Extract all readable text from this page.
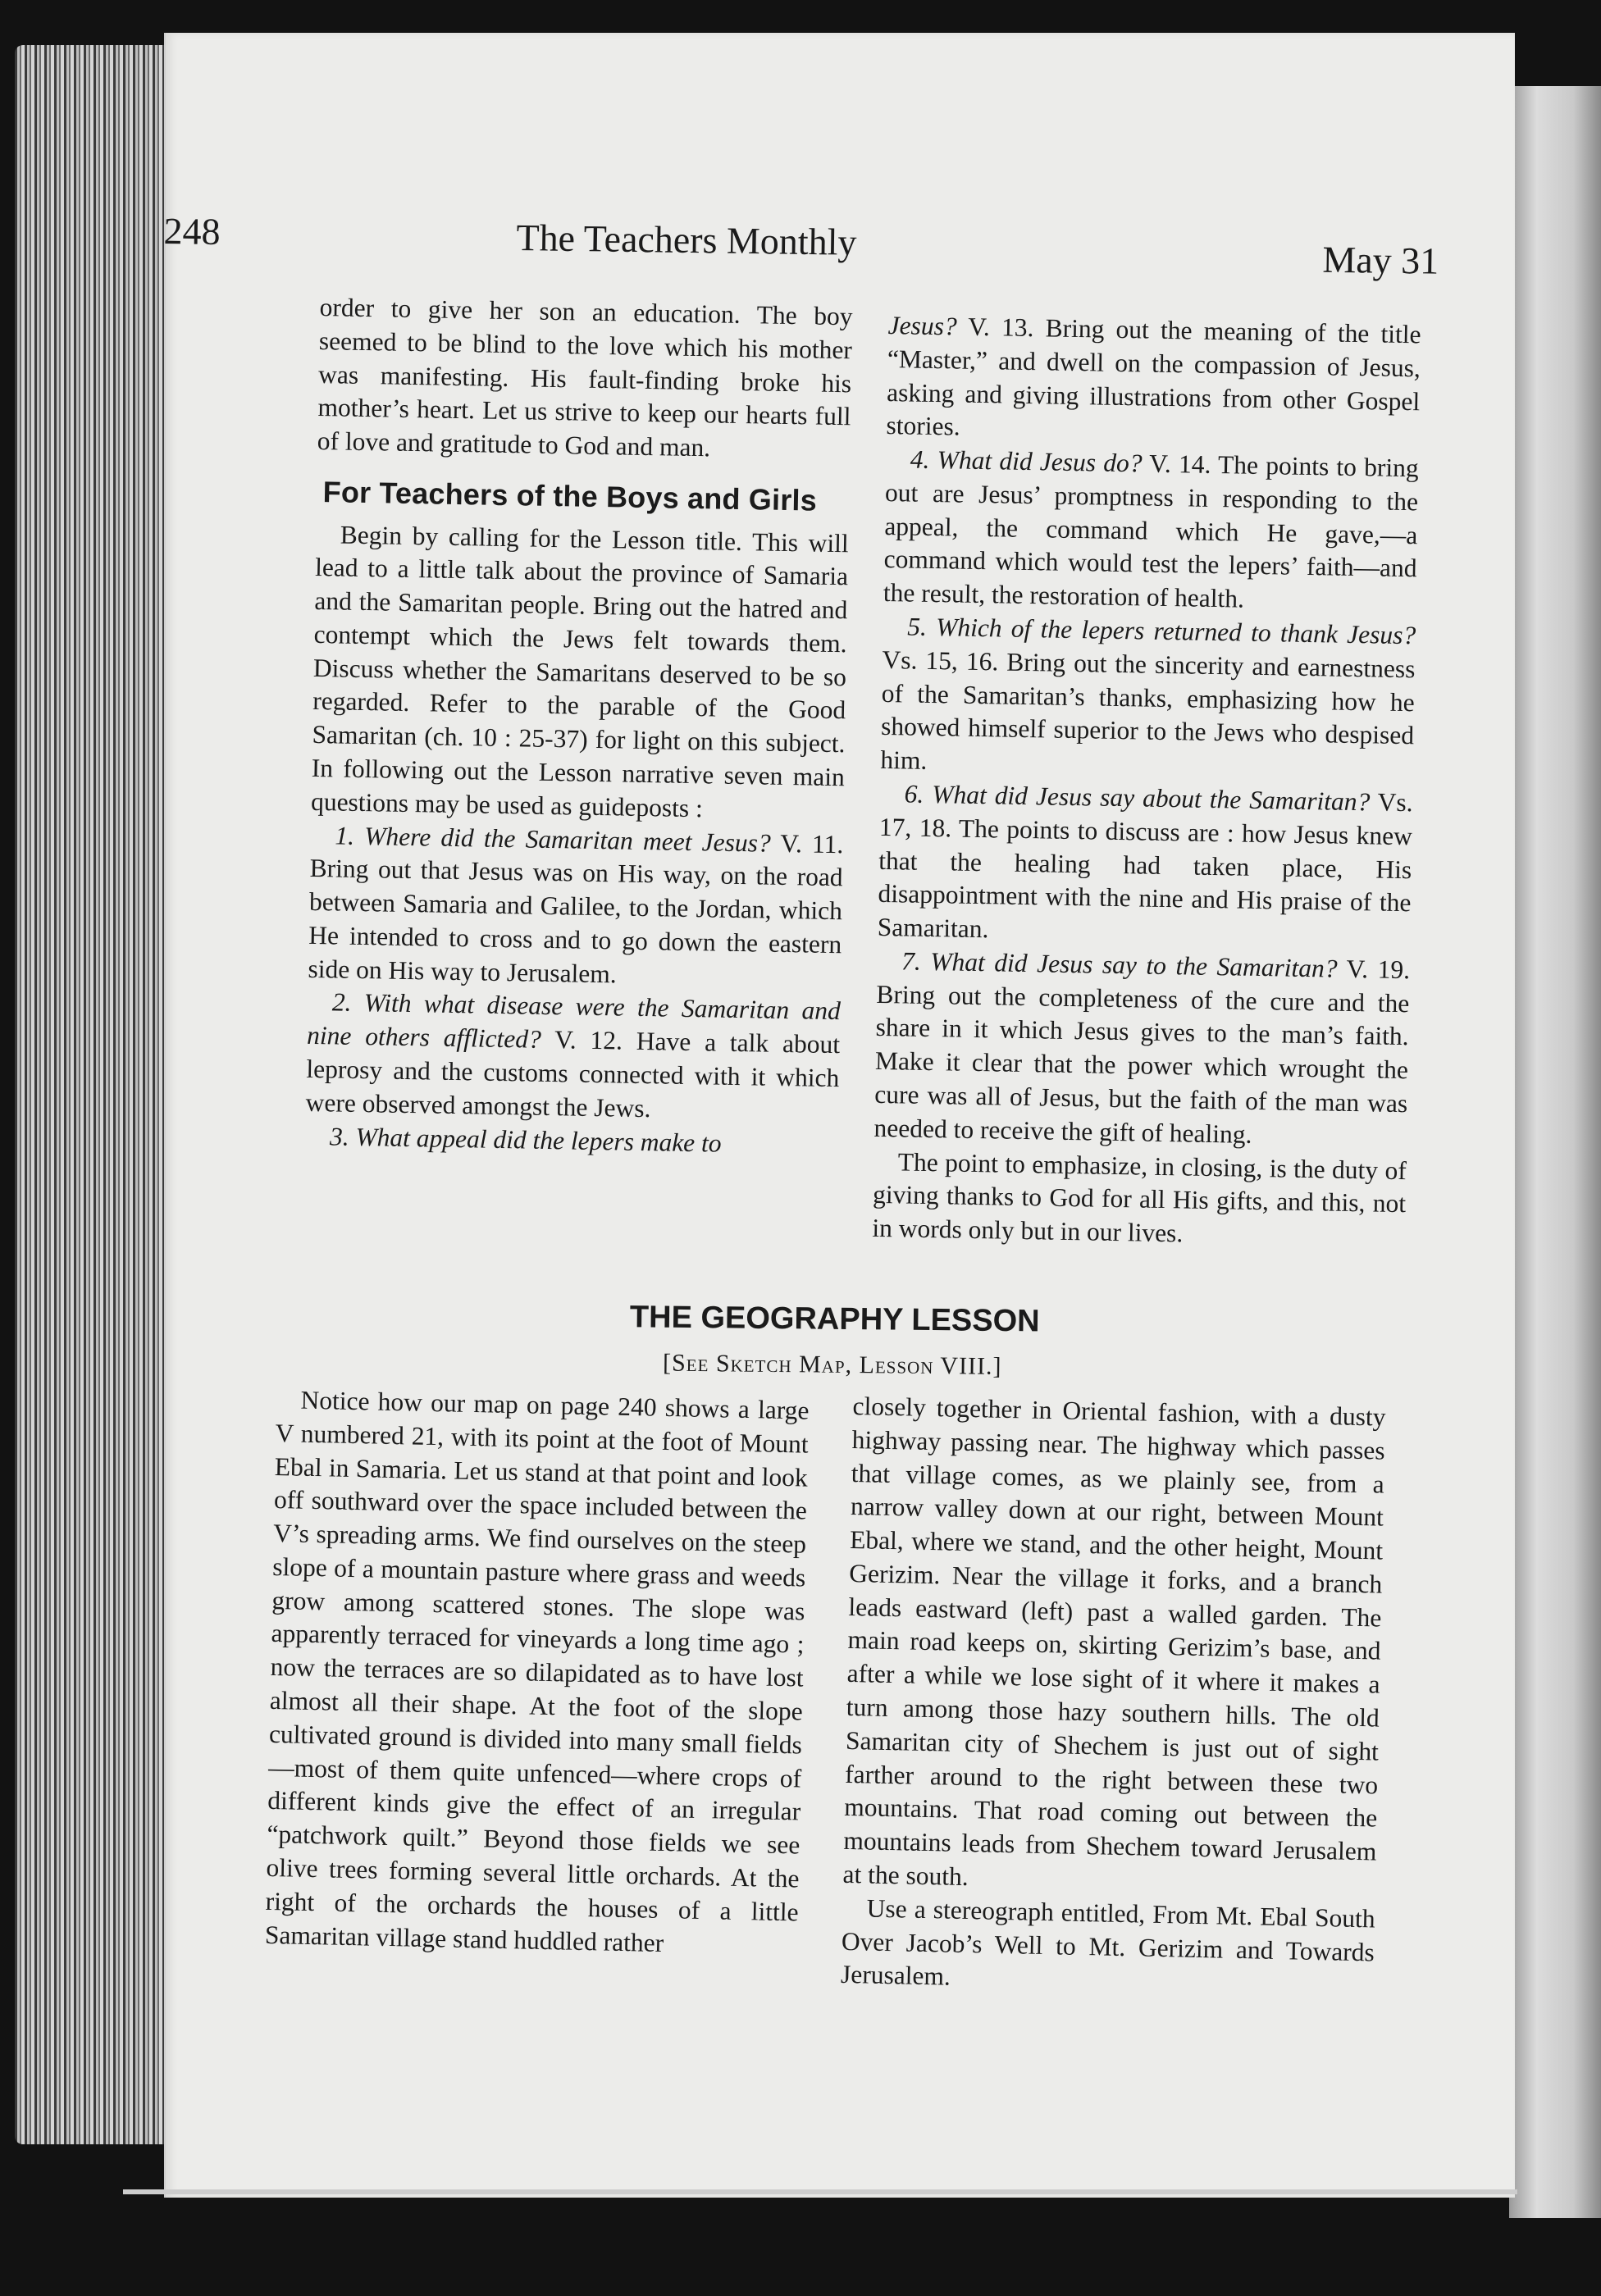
248	The Teachers Monthly	May 31

order to give her son an education. The boy seemed to be blind to the love which his mother was manifesting. His fault-finding broke his mother’s heart. Let us strive to keep our hearts full of love and gratitude to God and man.

For Teachers of the Boys and Girls

Begin by calling for the Lesson title. This will lead to a little talk about the province of Samaria and the Samaritan people. Bring out the hatred and contempt which the Jews felt towards them. Discuss whether the Samaritans deserved to be so regarded. Refer to the parable of the Good Samaritan (ch. 10 : 25-37) for light on this subject. In following out the Lesson narrative seven main questions may be used as guideposts :

1. Where did the Samaritan meet Jesus? V. 11. Bring out that Jesus was on His way, on the road between Samaria and Galilee, to the Jordan, which He intended to cross and to go down the eastern side on His way to Jerusalem.

2. With what disease were the Samaritan and nine others afflicted? V. 12. Have a talk about leprosy and the customs connected with it which were observed amongst the Jews.

3. What appeal did the lepers make to

Jesus? V. 13. Bring out the meaning of the title “Master,” and dwell on the compassion of Jesus, asking and giving illustrations from other Gospel stories.

4. What did Jesus do? V. 14. The points to bring out are Jesus’ promptness in responding to the appeal, the command which He gave,—a command which would test the lepers’ faith—and the result, the restoration of health.

5. Which of the lepers returned to thank Jesus? Vs. 15, 16. Bring out the sincerity and earnestness of the Samaritan’s thanks, emphasizing how he showed himself superior to the Jews who despised him.

6. What did Jesus say about the Samaritan? Vs. 17, 18. The points to discuss are : how Jesus knew that the healing had taken place, His disappointment with the nine and His praise of the Samaritan.

7. What did Jesus say to the Samaritan? V. 19. Bring out the completeness of the cure and the share in it which Jesus gives to the man’s faith. Make it clear that the power which wrought the cure was all of Jesus, but the faith of the man was needed to receive the gift of healing.

The point to emphasize, in closing, is the duty of giving thanks to God for all His gifts, and this, not in words only but in our lives.

THE GEOGRAPHY LESSON
[See Sketch Map, Lesson VIII.]

Notice how our map on page 240 shows a large V numbered 21, with its point at the foot of Mount Ebal in Samaria. Let us stand at that point and look off southward over the space included between the V’s spreading arms. We find ourselves on the steep slope of a mountain pasture where grass and weeds grow among scattered stones. The slope was apparently terraced for vineyards a long time ago ; now the terraces are so dilapidated as to have lost almost all their shape. At the foot of the slope cultivated ground is divided into many small fields—most of them quite unfenced—where crops of different kinds give the effect of an irregular “patchwork quilt.” Beyond those fields we see olive trees forming several little orchards. At the right of the orchards the houses of a little Samaritan village stand huddled rather

closely together in Oriental fashion, with a dusty highway passing near. The highway which passes that village comes, as we plainly see, from a narrow valley down at our right, between Mount Ebal, where we stand, and the other height, Mount Gerizim. Near the village it forks, and a branch leads eastward (left) past a walled garden. The main road keeps on, skirting Gerizim’s base, and after a while we lose sight of it where it makes a turn among those hazy southern hills. The old Samaritan city of Shechem is just out of sight farther around to the right between these two mountains. That road coming out between the mountains leads from Shechem toward Jerusalem at the south.

Use a stereograph entitled, From Mt. Ebal South Over Jacob’s Well to Mt. Gerizim and Towards Jerusalem.
